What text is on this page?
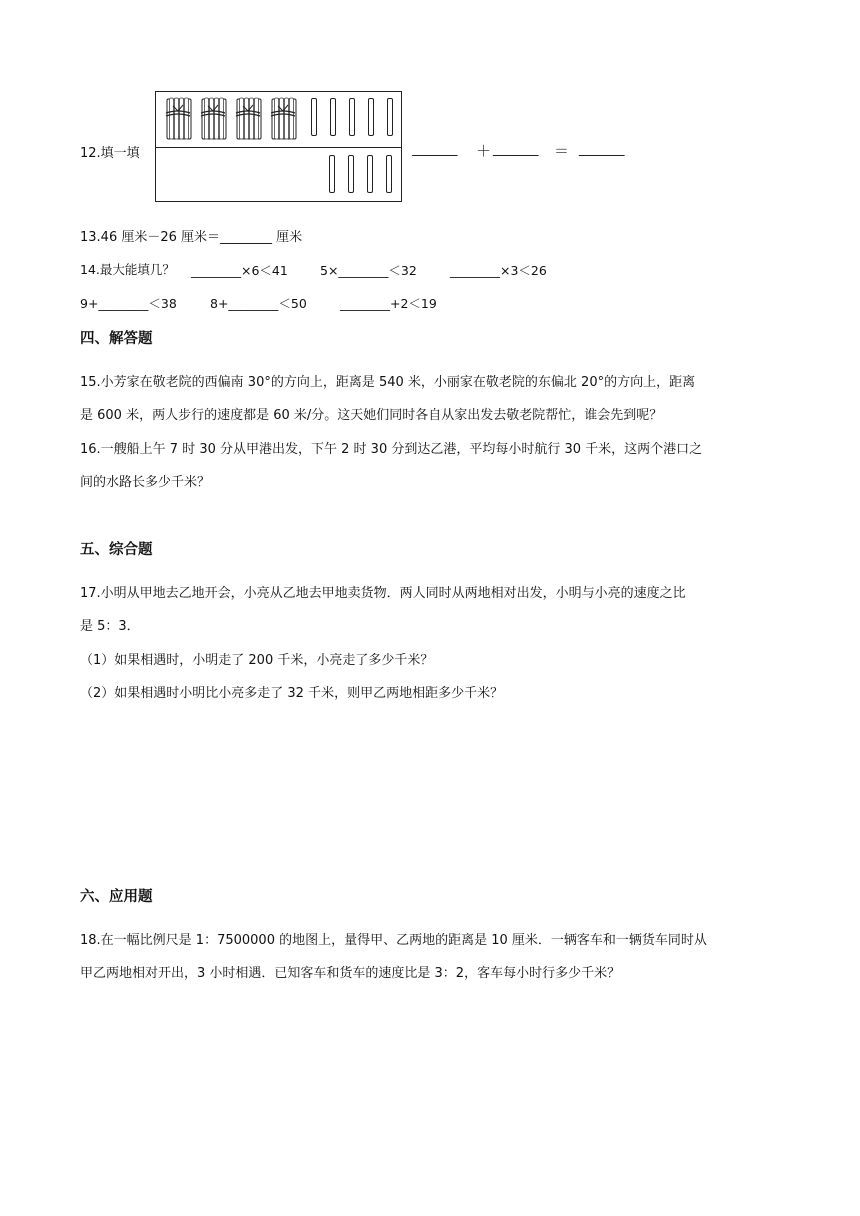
12.填一填	_______ ＋ _______ ＝ _______
13.46 厘米－26 厘米＝________ 厘米
14.最大能填几？ ________×6＜41	5×________＜32	________×3＜26
9+________＜38	8+________＜50	________+2＜19
四、解答题
15.小芳家在敬老院的西偏南 30°的方向上，距离是 540 米，小丽家在敬老院的东偏北 20°的方向上，距离
是 600 米，两人步行的速度都是 60 米/分。这天她们同时各自从家出发去敬老院帮忙，谁会先到呢？
16.一艘船上午 7 时 30 分从甲港出发，下午 2 时 30 分到达乙港，平均每小时航行 30 千米，这两个港口之
间的水路长多少千米？
五、综合题
17.小明从甲地去乙地开会，小亮从乙地去甲地卖货物．两人同时从两地相对出发，小明与小亮的速度之比
是 5：3．
（1）如果相遇时，小明走了 200 千米，小亮走了多少千米？
（2）如果相遇时小明比小亮多走了 32 千米，则甲乙两地相距多少千米？
六、应用题
18.在一幅比例尺是 1：7500000 的地图上，量得甲、乙两地的距离是 10 厘米．一辆客车和一辆货车同时从
甲乙两地相对开出，3 小时相遇．已知客车和货车的速度比是 3：2，客车每小时行多少千米？
